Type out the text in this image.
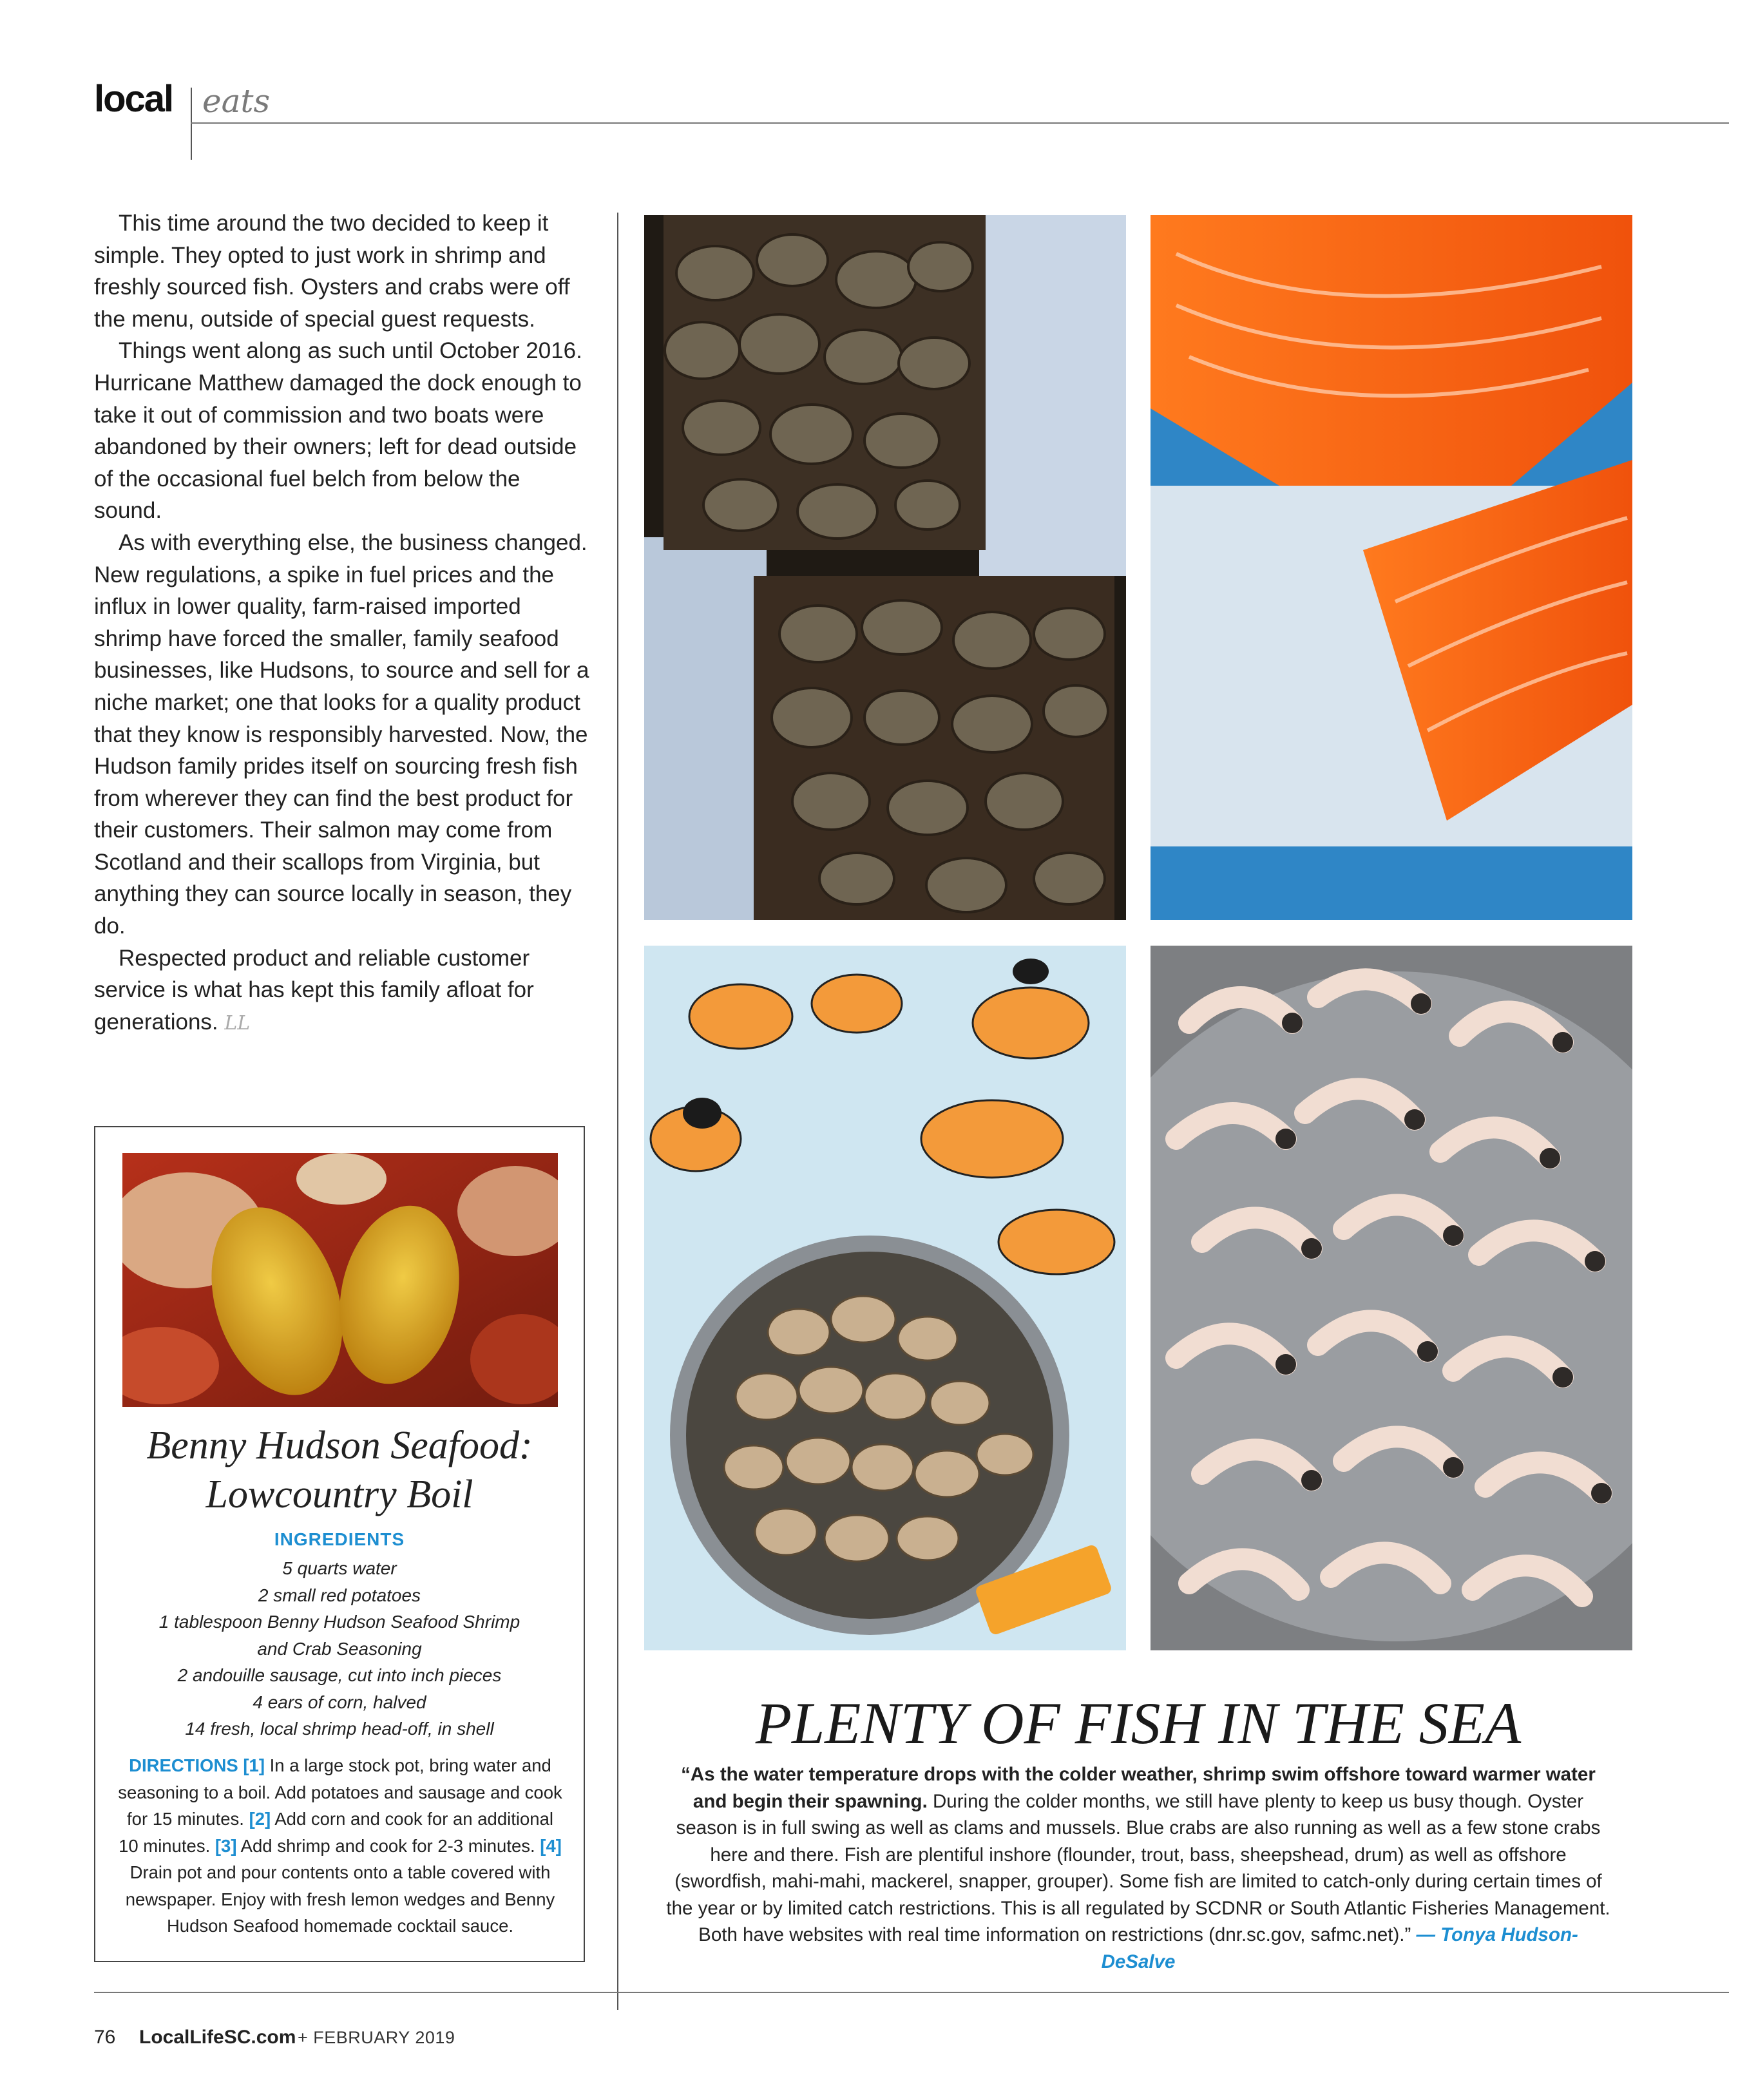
local eats

This time around the two decided to keep it simple. They opted to just work in shrimp and freshly sourced fish. Oysters and crabs were off the menu, outside of special guest requests.

Things went along as such until October 2016. Hurricane Matthew damaged the dock enough to take it out of commission and two boats were abandoned by their owners; left for dead outside of the occasional fuel belch from below the sound.

As with everything else, the business changed. New regulations, a spike in fuel prices and the influx in lower quality, farm-raised imported shrimp have forced the smaller, family seafood businesses, like Hudsons, to source and sell for a niche market; one that looks for a quality product that they know is responsibly harvested. Now, the Hudson family prides itself on sourcing fresh fish from wherever they can find the best product for their customers. Their salmon may come from Scotland and their scallops from Virginia, but anything they can source locally in season, they do.

Respected product and reliable customer service is what has kept this family afloat for generations. LL

Benny Hudson Seafood:
Lowcountry Boil
INGREDIENTS
5 quarts water
2 small red potatoes
1 tablespoon Benny Hudson Seafood Shrimp
and Crab Seasoning
2 andouille sausage, cut into inch pieces
4 ears of corn, halved
14 fresh, local shrimp head-off, in shell
DIRECTIONS [1] In a large stock pot, bring water and seasoning to a boil. Add potatoes and sausage and cook for 15 minutes. [2] Add corn and cook for an additional 10 minutes. [3] Add shrimp and cook for 2-3 minutes. [4] Drain pot and pour contents onto a table covered with newspaper. Enjoy with fresh lemon wedges and Benny Hudson Seafood homemade cocktail sauce.
PLENTY OF FISH IN THE SEA
“As the water temperature drops with the colder weather, shrimp swim offshore toward warmer water and begin their spawning. During the colder months, we still have plenty to keep us busy though. Oyster season is in full swing as well as clams and mussels. Blue crabs are also running as well as a few stone crabs here and there. Fish are plentiful inshore (flounder, trout, bass, sheepshead, drum) as well as offshore (swordfish, mahi-mahi, mackerel, snapper, grouper). Some fish are limited to catch-only during certain times of the year or by limited catch restrictions. This is all regulated by SCDNR or South Atlantic Fisheries Management. Both have websites with real time information on restrictions (dnr.sc.gov, safmc.net).” — Tonya Hudson-DeSalve
76 LocalLifeSC.com + FEBRUARY 2019
